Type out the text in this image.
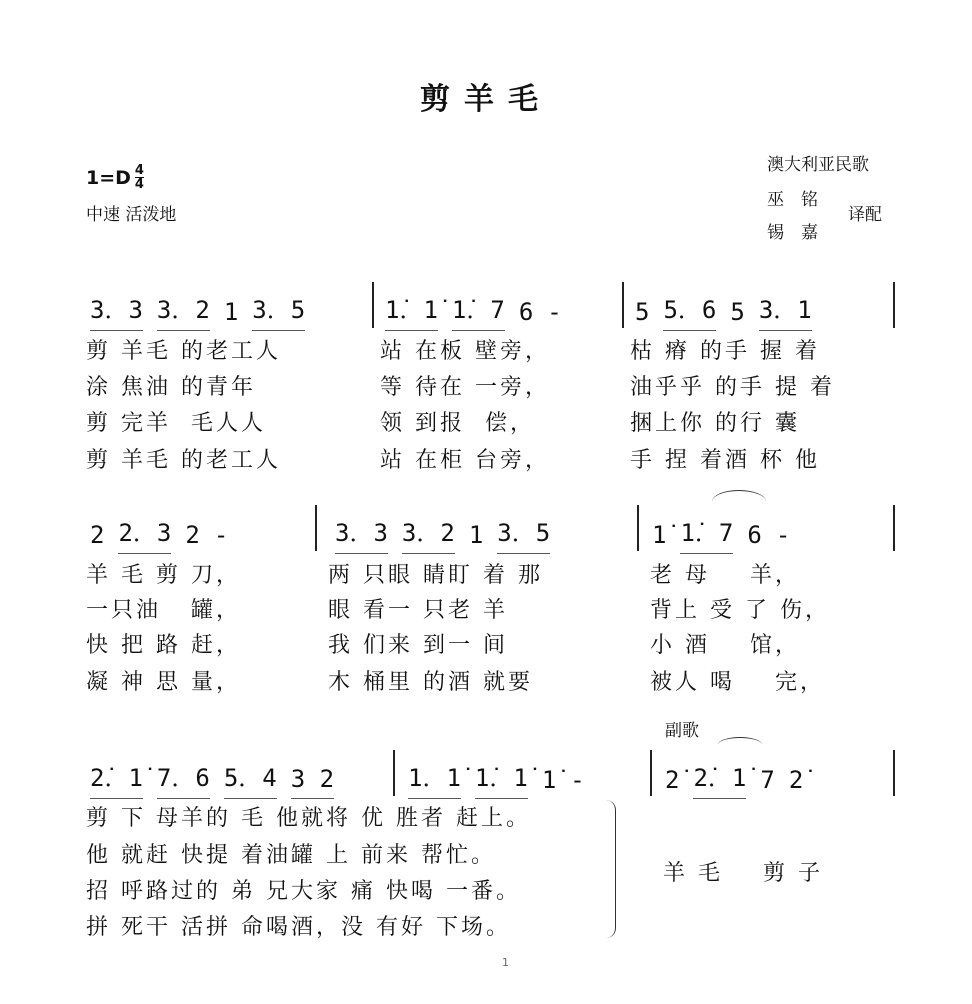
剪羊毛
$1=D \frac{4}{4}$
中速 活泼地
澳大利亚民歌
巫　铭
锡　嘉
译配
3．3 3．2 1 3．5	1̇．1̇ 1̇．7 6 -	5 5．6 5 3．1
剪 羊毛 的老工人	站 在板 壁旁，	枯 瘠 的手 握 着
涂 焦油 的青年	等 待在 一旁，	油乎乎 的手 提 着
剪 完羊  毛人人	领 到报  偿，	捆上你 的行 囊
剪 羊毛 的老工人	站 在柜 台旁，	手 捏 着酒 杯 他
2 2．3 2 -	3．3 3．2 1 3．5	1̇ 1̇．7 6 -
羊 毛 剪 刀，	两 只眼 睛盯 着 那	老 母    羊，
一只油   罐，	眼 看一 只老 羊	背上 受 了 伤，
快 把 路 赶，	我 们来 到一 间	小 酒    馆，
凝 神 思 量，	木 桶里 的酒 就要	被人 喝    完，
2̇．1̇ 7．6 5．4 3 2	1．1̇ 1̇．1̇ 1̇ -	2̇ 2̇．1̇ 7 2̇
剪 下 母羊的 毛 他就将 优 胜者 赶上。
他 就赶 快提 着油罐 上 前来 帮忙。
招 呼路过的 弟 兄大家 痛 快喝 一番。
拼 死干 活拼 命喝酒，没 有好 下场。
副歌
羊 毛    剪 子
1
